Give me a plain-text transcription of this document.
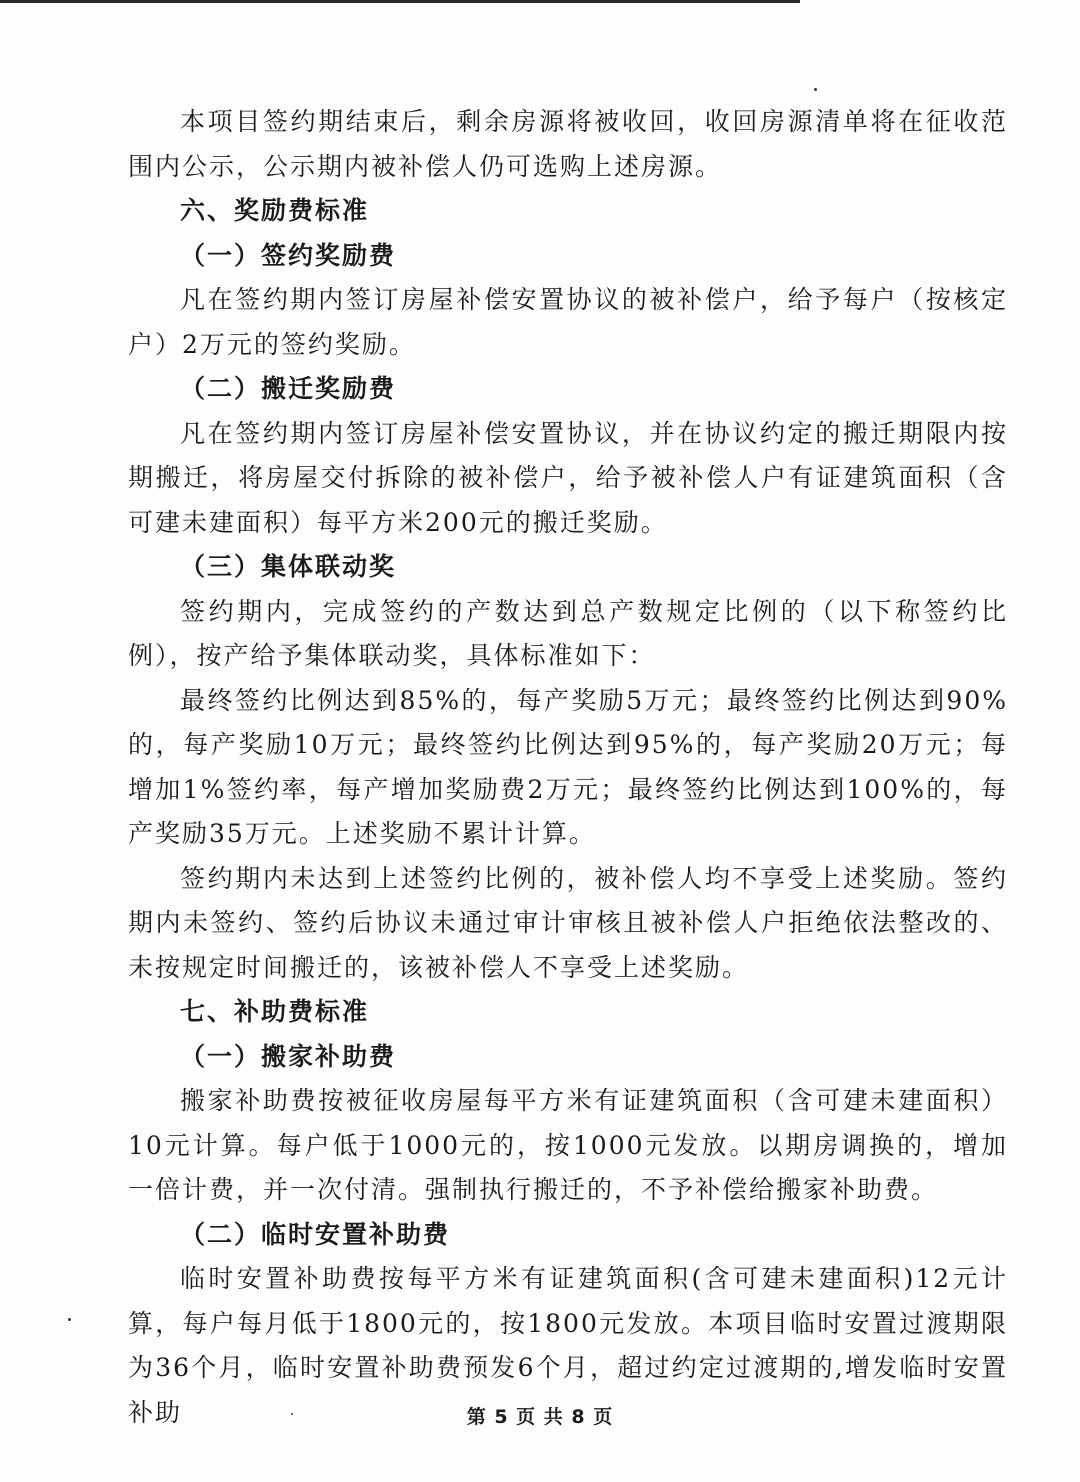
本项目签约期结束后，剩余房源将被收回，收回房源清单将在征收范围内公示，公示期内被补偿人仍可选购上述房源。

六、奖励费标准

（一）签约奖励费

凡在签约期内签订房屋补偿安置协议的被补偿户，给予每户（按核定户）2万元的签约奖励。

（二）搬迁奖励费

凡在签约期内签订房屋补偿安置协议，并在协议约定的搬迁期限内按期搬迁，将房屋交付拆除的被补偿户，给予被补偿人户有证建筑面积（含可建未建面积）每平方米200元的搬迁奖励。

（三）集体联动奖

签约期内，完成签约的产数达到总产数规定比例的（以下称签约比例），按产给予集体联动奖，具体标准如下：

最终签约比例达到85%的，每产奖励5万元；最终签约比例达到90%的，每产奖励10万元；最终签约比例达到95%的，每产奖励20万元；每增加1%签约率，每产增加奖励费2万元；最终签约比例达到100%的，每产奖励35万元。上述奖励不累计计算。

签约期内未达到上述签约比例的，被补偿人均不享受上述奖励。签约期内未签约、签约后协议未通过审计审核且被补偿人户拒绝依法整改的、未按规定时间搬迁的，该被补偿人不享受上述奖励。

七、补助费标准

（一）搬家补助费

搬家补助费按被征收房屋每平方米有证建筑面积（含可建未建面积）10元计算。每户低于1000元的，按1000元发放。以期房调换的，增加一倍计费，并一次付清。强制执行搬迁的，不予补偿给搬家补助费。

（二）临时安置补助费

临时安置补助费按每平方米有证建筑面积(含可建未建面积)12元计算，每户每月低于1800元的，按1800元发放。本项目临时安置过渡期限为36个月，临时安置补助费预发6个月，超过约定过渡期的,增发临时安置补助	第 5 页 共 8 页
